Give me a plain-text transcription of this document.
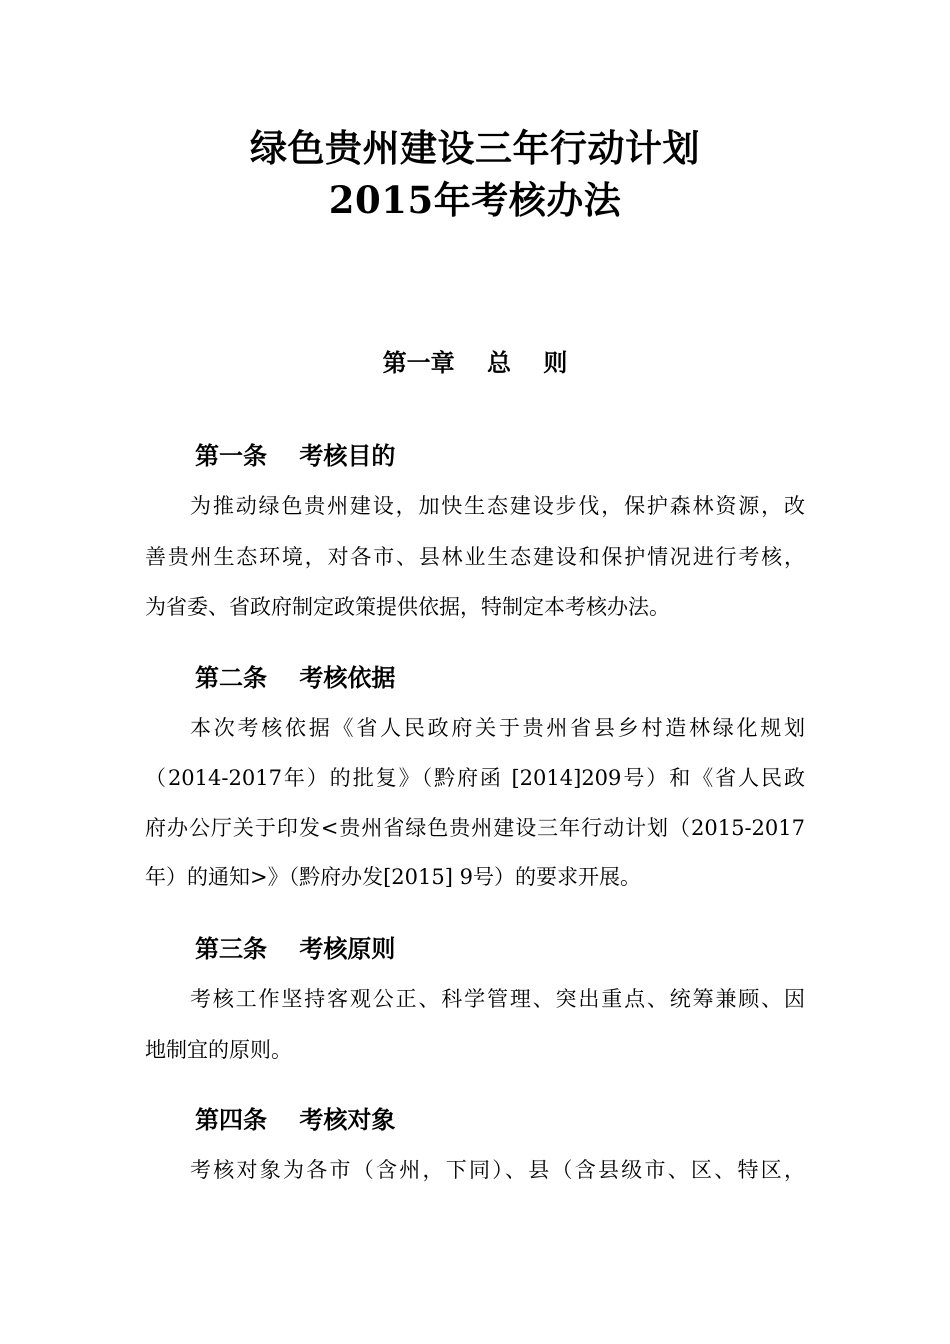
绿色贵州建设三年行动计划
2015年考核办法
第一章　 总　 则
第一条　 考核目的
为推动绿色贵州建设，加快生态建设步伐，保护森林资源，改
善贵州生态环境，对各市、县林业生态建设和保护情况进行考核，
为省委、省政府制定政策提供依据，特制定本考核办法。
第二条　 考核依据
本次考核依据《省人民政府关于贵州省县乡村造林绿化规划
（2014-2017年）的批复》（黔府函 [2014]209号）和《省人民政
府办公厅关于印发<贵州省绿色贵州建设三年行动计划（2015-2017
年）的通知>》（黔府办发[2015] 9号）的要求开展。
第三条　 考核原则
考核工作坚持客观公正、科学管理、突出重点、统筹兼顾、因
地制宜的原则。
第四条　 考核对象
考核对象为各市（含州，下同）、县（含县级市、区、特区，
